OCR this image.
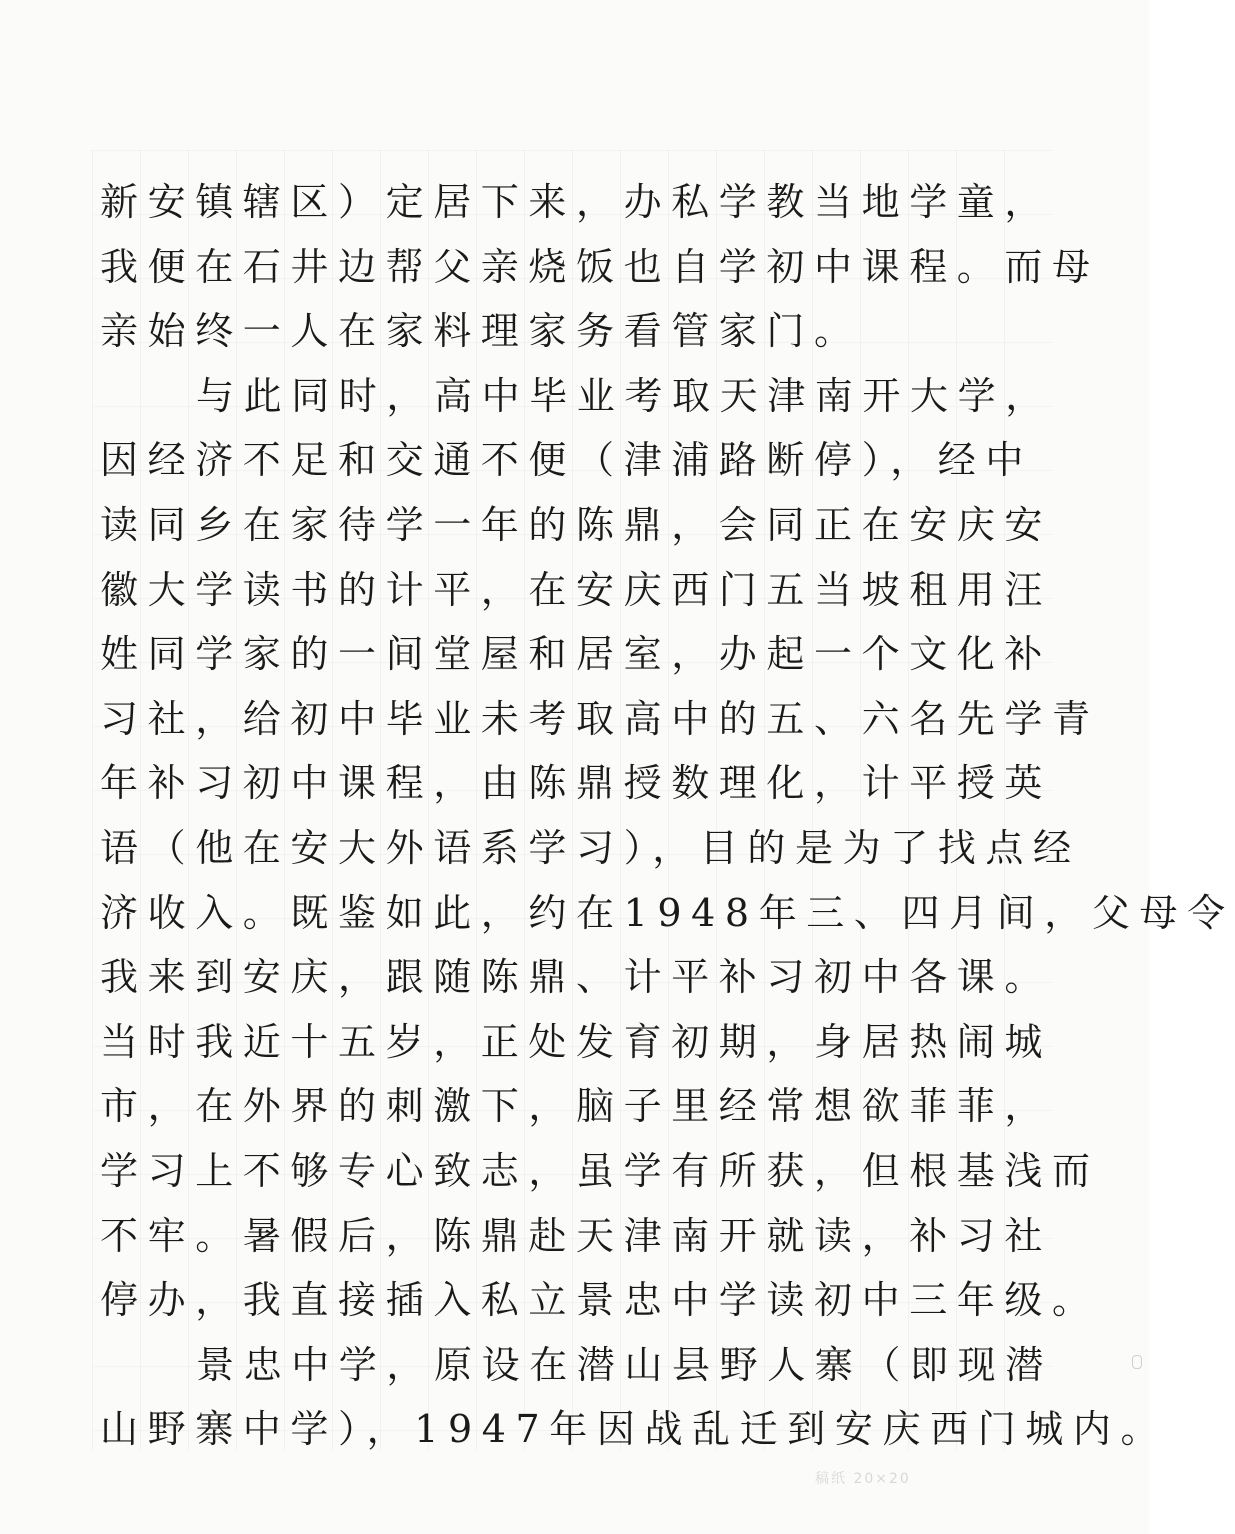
新安镇辖区）定居下来，办私学教当地学童，
我便在石井边帮父亲烧饭也自学初中课程。而母
亲始终一人在家料理家务看管家门。
与此同时，高中毕业考取天津南开大学，
因经济不足和交通不便（津浦路断停），经中
读同乡在家待学一年的陈鼎，会同正在安庆安
徽大学读书的计平，在安庆西门五当坡租用汪
姓同学家的一间堂屋和居室，办起一个文化补
习社，给初中毕业未考取高中的五、六名先学青
年补习初中课程，由陈鼎授数理化，计平授英
语（他在安大外语系学习），目的是为了找点经
济收入。既鉴如此，约在1948年三、四月间，父母令
我来到安庆，跟随陈鼎、计平补习初中各课。
当时我近十五岁，正处发育初期，身居热闹城
市，在外界的刺激下，脑子里经常想欲菲菲，
学习上不够专心致志，虽学有所获，但根基浅而
不牢。暑假后，陈鼎赴天津南开就读，补习社
停办，我直接插入私立景忠中学读初中三年级。
景忠中学，原设在潜山县野人寨（即现潜
山野寨中学），1947年因战乱迁到安庆西门城内。
稿纸 20×20
